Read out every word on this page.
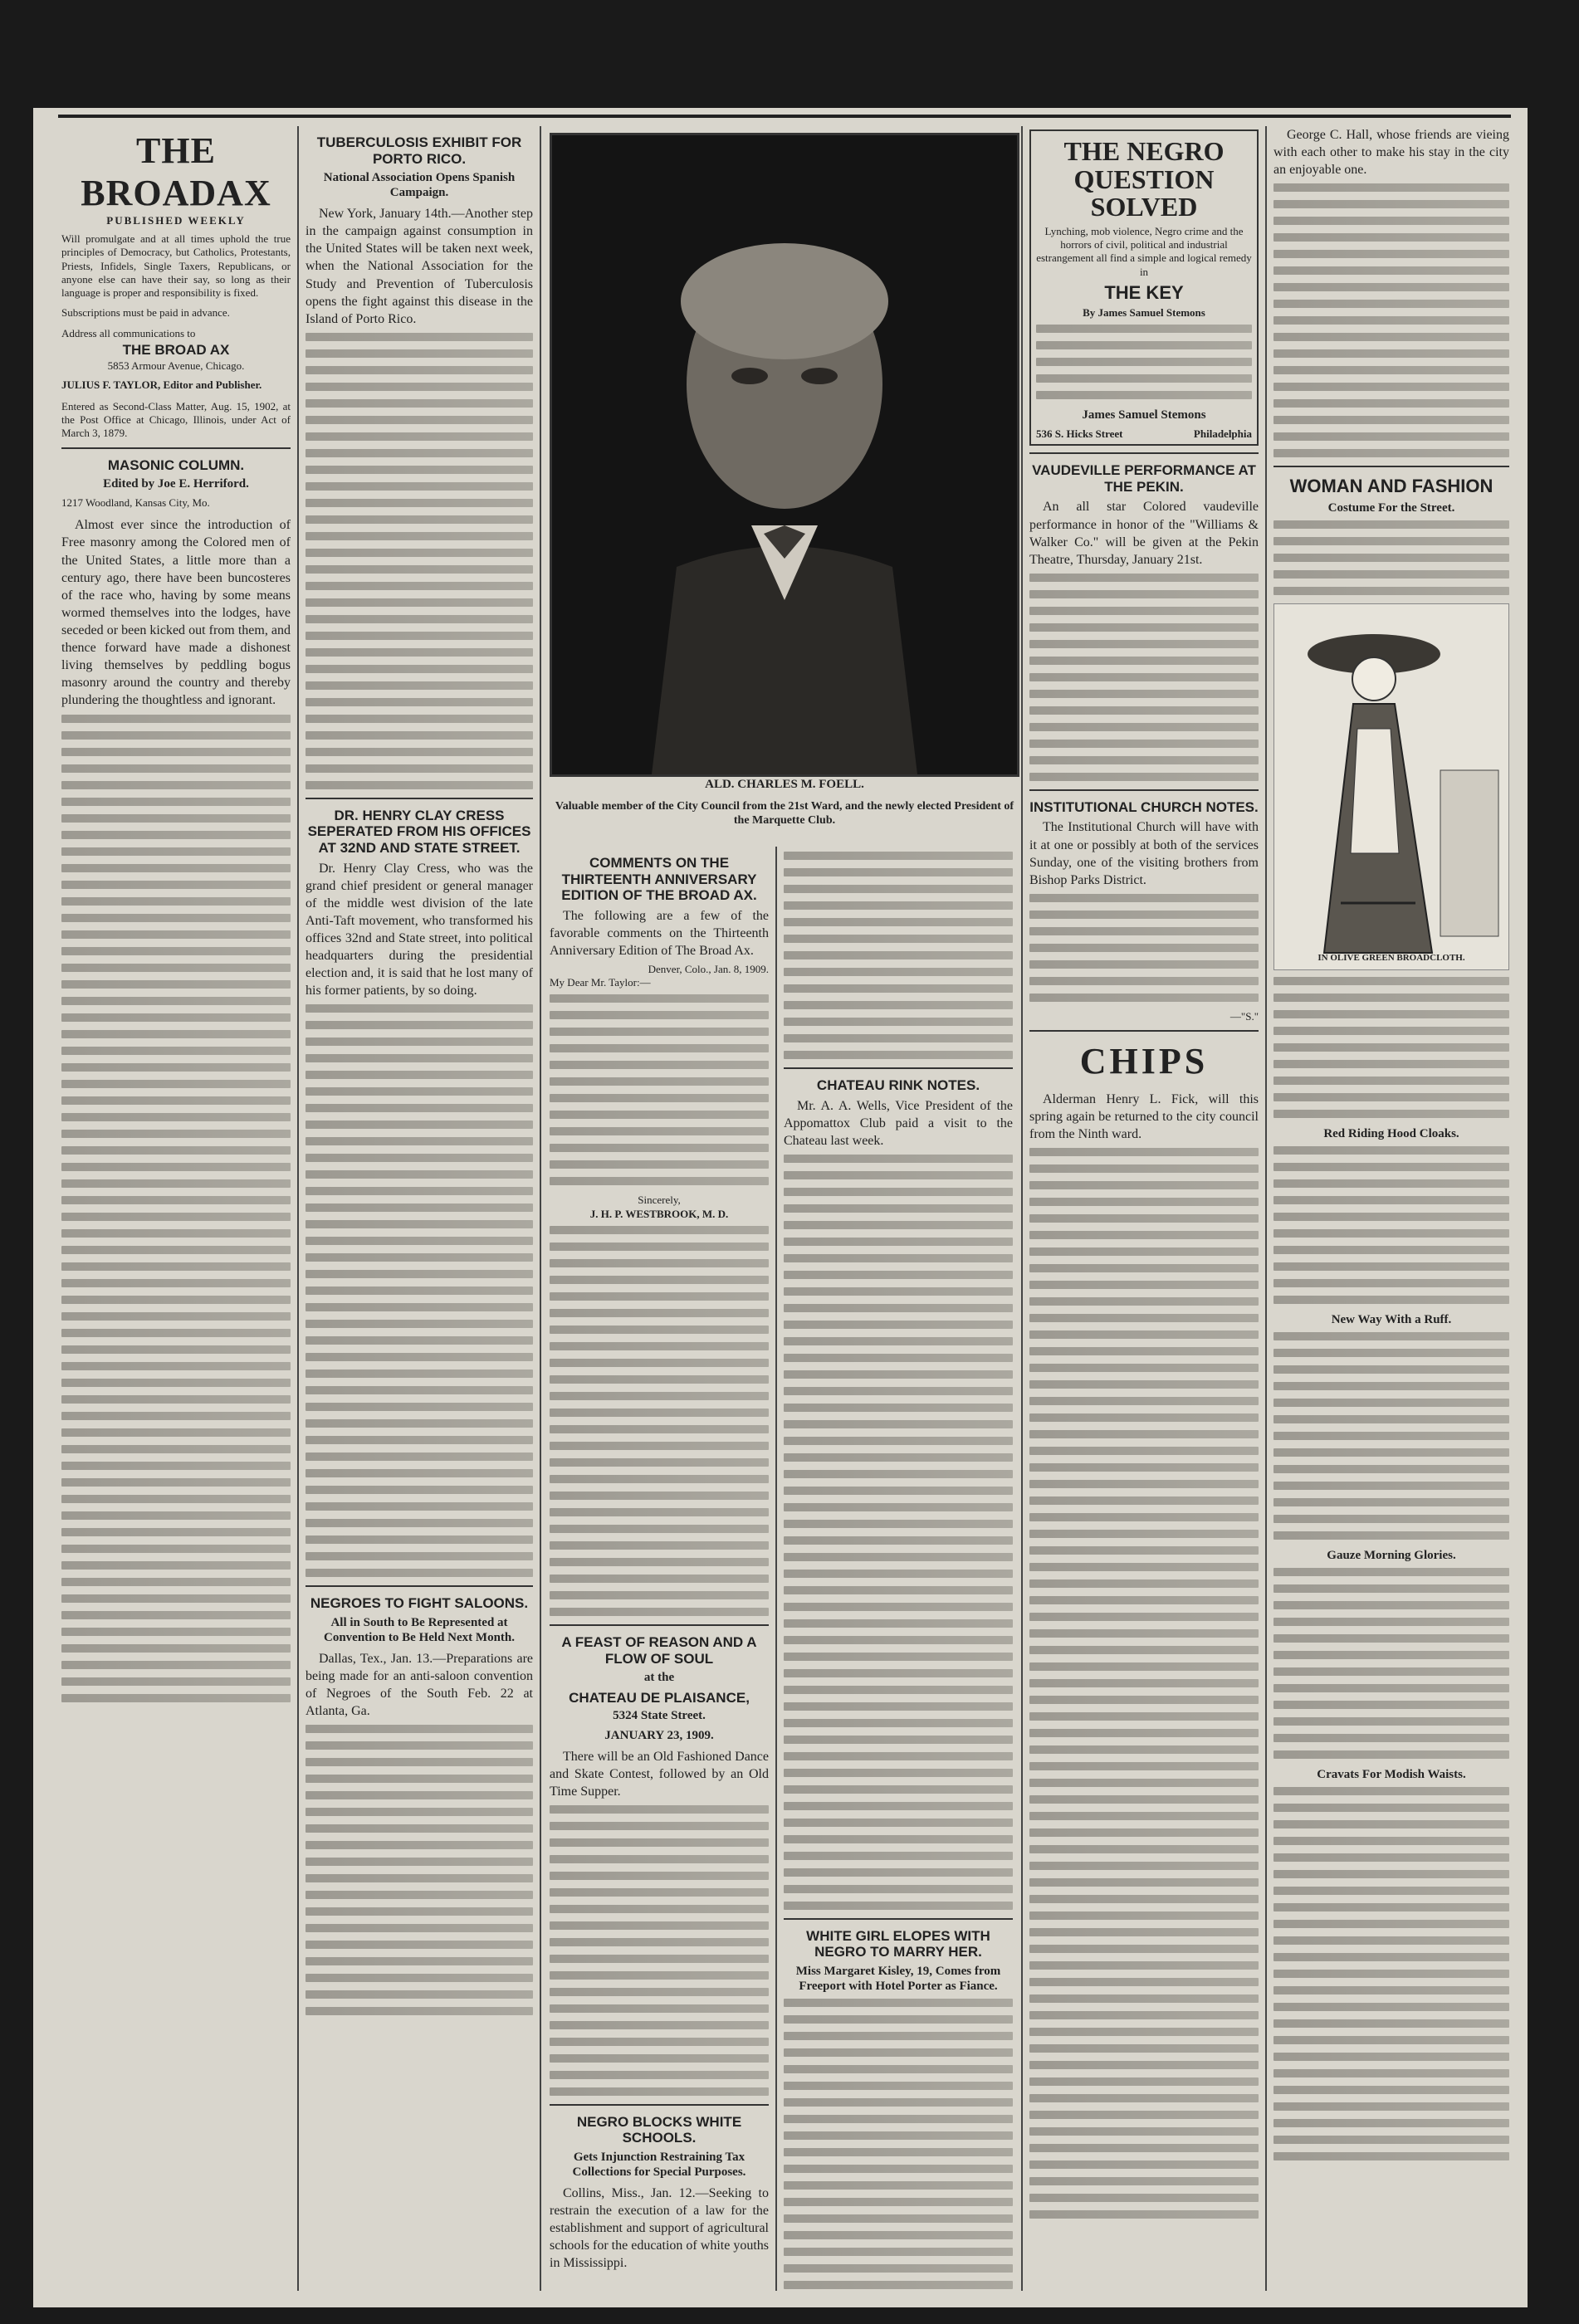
THE BROADAX
PUBLISHED WEEKLY

Will promulgate and at all times uphold the true principles of Democracy, but Catholics, Protestants, Priests, Infidels, Single Taxers, Republicans, or anyone else can have their say, so long as their language is proper and responsibility is fixed.

Subscriptions must be paid in advance.

Address all communications to

THE BROAD AX

5853 Armour Avenue, Chicago.

JULIUS F. TAYLOR, Editor and Publisher.

Entered as Second-Class Matter, Aug. 15, 1902, at the Post Office at Chicago, Illinois, under Act of March 3, 1879.

MASONIC COLUMN.
Edited by Joe E. Herriford.

1217 Woodland, Kansas City, Mo.

Almost ever since the introduction of Free masonry among the Colored men of the United States, a little more than a century ago, there have been buncosteres of the race who, having by some means wormed themselves into the lodges, have seceded or been kicked out from them, and thence forward have made a dishonest living themselves by peddling bogus masonry around the country and thereby plundering the thoughtless and ignorant.

TUBERCULOSIS EXHIBIT FOR PORTO RICO.
National Association Opens Spanish Campaign.

New York, January 14th.—Another step in the campaign against consumption in the United States will be taken next week, when the National Association for the Study and Prevention of Tuberculosis opens the fight against this disease in the Island of Porto Rico.

DR. HENRY CLAY CRESS SEPERATED FROM HIS OFFICES AT 32ND AND STATE STREET.

Dr. Henry Clay Cress, who was the grand chief president or general manager of the middle west division of the late Anti-Taft movement, who transformed his offices 32nd and State street, into political headquarters during the presidential election and, it is said that he lost many of his former patients, by so doing.

NEGROES TO FIGHT SALOONS.
All in South to Be Represented at Convention to Be Held Next Month.

Dallas, Tex., Jan. 13.—Preparations are being made for an anti-saloon convention of Negroes of the South Feb. 22 at Atlanta, Ga.

ALD. CHARLES M. FOELL.
Valuable member of the City Council from the 21st Ward, and the newly elected President of the Marquette Club.
COMMENTS ON THE THIRTEENTH ANNIVERSARY EDITION OF THE BROAD AX.

The following are a few of the favorable comments on the Thirteenth Anniversary Edition of The Broad Ax.

Denver, Colo., Jan. 8, 1909.

My Dear Mr. Taylor:—

Sincerely,

J. H. P. WESTBROOK, M. D.

A FEAST OF REASON AND A FLOW OF SOUL
at the
CHATEAU DE PLAISANCE,
5324 State Street.
JANUARY 23, 1909.

There will be an Old Fashioned Dance and Skate Contest, followed by an Old Time Supper.

NEGRO BLOCKS WHITE SCHOOLS.
Gets Injunction Restraining Tax Collections for Special Purposes.

Collins, Miss., Jan. 12.—Seeking to restrain the execution of a law for the establishment and support of agricultural schools for the education of white youths in Mississippi.

CHATEAU RINK NOTES.

Mr. A. A. Wells, Vice President of the Appomattox Club paid a visit to the Chateau last week.

WHITE GIRL ELOPES WITH NEGRO TO MARRY HER.
Miss Margaret Kisley, 19, Comes from Freeport with Hotel Porter as Fiance.
THE NEGRO QUESTION SOLVED

Lynching, mob violence, Negro crime and the horrors of civil, political and industrial estrangement all find a simple and logical remedy in

THE KEY

By James Samuel Stemons

James Samuel Stemons
536 S. Hicks Street	Philadelphia
VAUDEVILLE PERFORMANCE AT THE PEKIN.

An all star Colored vaudeville performance in honor of the "Williams & Walker Co." will be given at the Pekin Theatre, Thursday, January 21st.

INSTITUTIONAL CHURCH NOTES.

The Institutional Church will have with it at one or possibly at both of the services Sunday, one of the visiting brothers from Bishop Parks District.

—"S."

CHIPS

Alderman Henry L. Fick, will this spring again be returned to the city council from the Ninth ward.

George C. Hall, whose friends are vieing with each other to make his stay in the city an enjoyable one.

WOMAN AND FASHION
Costume For the Street.
IN OLIVE GREEN BROADCLOTH.
Red Riding Hood Cloaks.
New Way With a Ruff.
Gauze Morning Glories.
Cravats For Modish Waists.
